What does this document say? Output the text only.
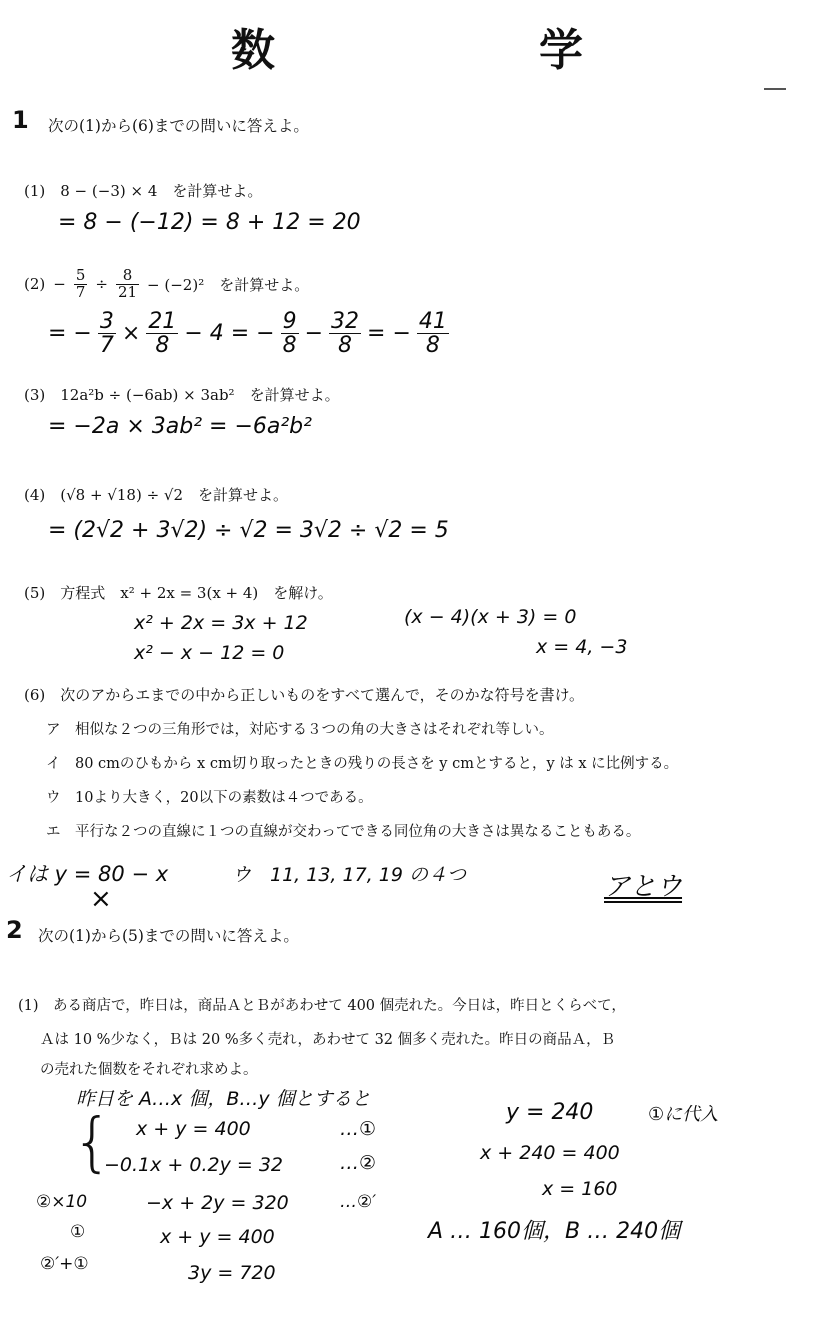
数　学
1 次の(1)から(6)までの問いに答えよ。
(1)　8 − (−3) × 4　を計算せよ。
= 8 − (−12) = 8 + 12 = 20
$(2) - \frac{5}{7} \div \frac{8}{21} - (-2)^2$　を計算せよ。
= − $\frac{3}{7} \times \frac{21}{8} - 4$ = − $\frac{9}{8} - \frac{32}{8}$ = − $\frac{41}{8}$
(3)　12a²b ÷ (−6ab) × 3ab²　を計算せよ。
= −2a × 3ab² = −6a²b²
(4)　(√8 + √18) ÷ √2　を計算せよ。
= (2√2 + 3√2) ÷ √2 = 3√2 ÷ √2 = 5
(5)　方程式　x² + 2x = 3(x + 4)　を解け。
x² + 2x = 3x + 12
x² − x − 12 = 0
(x − 4)(x + 3) = 0
x = 4, −3
(6)　次のアからエまでの中から正しいものをすべて選んで，そのかな符号を書け。
ア　相似な２つの三角形では，対応する３つの角の大きさはそれぞれ等しい。
イ　80 cmのひもから x cm切り取ったときの残りの長さを y cmとすると，y は x に比例する。
ウ　10より大きく，20以下の素数は４つである。
エ　平行な２つの直線に１つの直線が交わってできる同位角の大きさは異なることもある。
イは y = 80 − x
×
ウ　11, 13, 17, 19 の４つ	アとウ
2 次の(1)から(5)までの問いに答えよ。
(1)　ある商店で，昨日は，商品ＡとＢがあわせて 400 個売れた。今日は，昨日とくらべて，
Ａは 10 %少なく，Ｂは 20 %多く売れ，あわせて 32 個多く売れた。昨日の商品Ａ，Ｂ
の売れた個数をそれぞれ求めよ。
昨日を A…x 個，B…y 個とすると
{ x + y = 400	…①
−0.1x + 0.2y = 32	…②
②×10	−x + 2y = 320	…②′
①	x + y = 400
②′+①	3y = 720
y = 240	①に代入
x + 240 = 400
x = 160
A … 160個，B … 240個
